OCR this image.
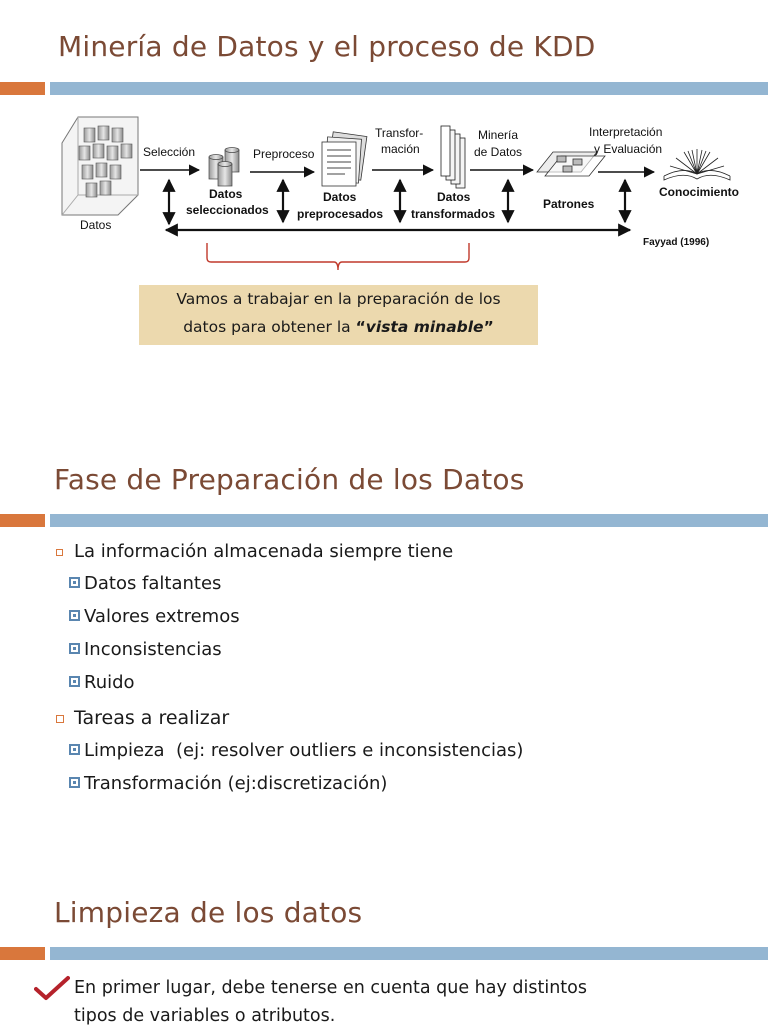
Minería de Datos y el proceso de KDD
Datos
Selección
Datos
seleccionados
Preproceso
Datos
preprocesados
Transfor-
mación
Datos
transformados
Minería
de Datos
Patrones
Interpretación
y Evaluación
Conocimiento
Fayyad (1996)
Vamos a trabajar en la preparación de los
datos para obtener la “vista minable”
Fase de Preparación de los Datos
La información almacenada siempre tiene
Datos faltantes
Valores extremos
Inconsistencias
Ruido
Tareas a realizar
Limpieza  (ej: resolver outliers e inconsistencias)
Transformación (ej:discretización)
Limpieza de los datos
En primer lugar, debe tenerse en cuenta que hay distintos
tipos de variables o atributos.
